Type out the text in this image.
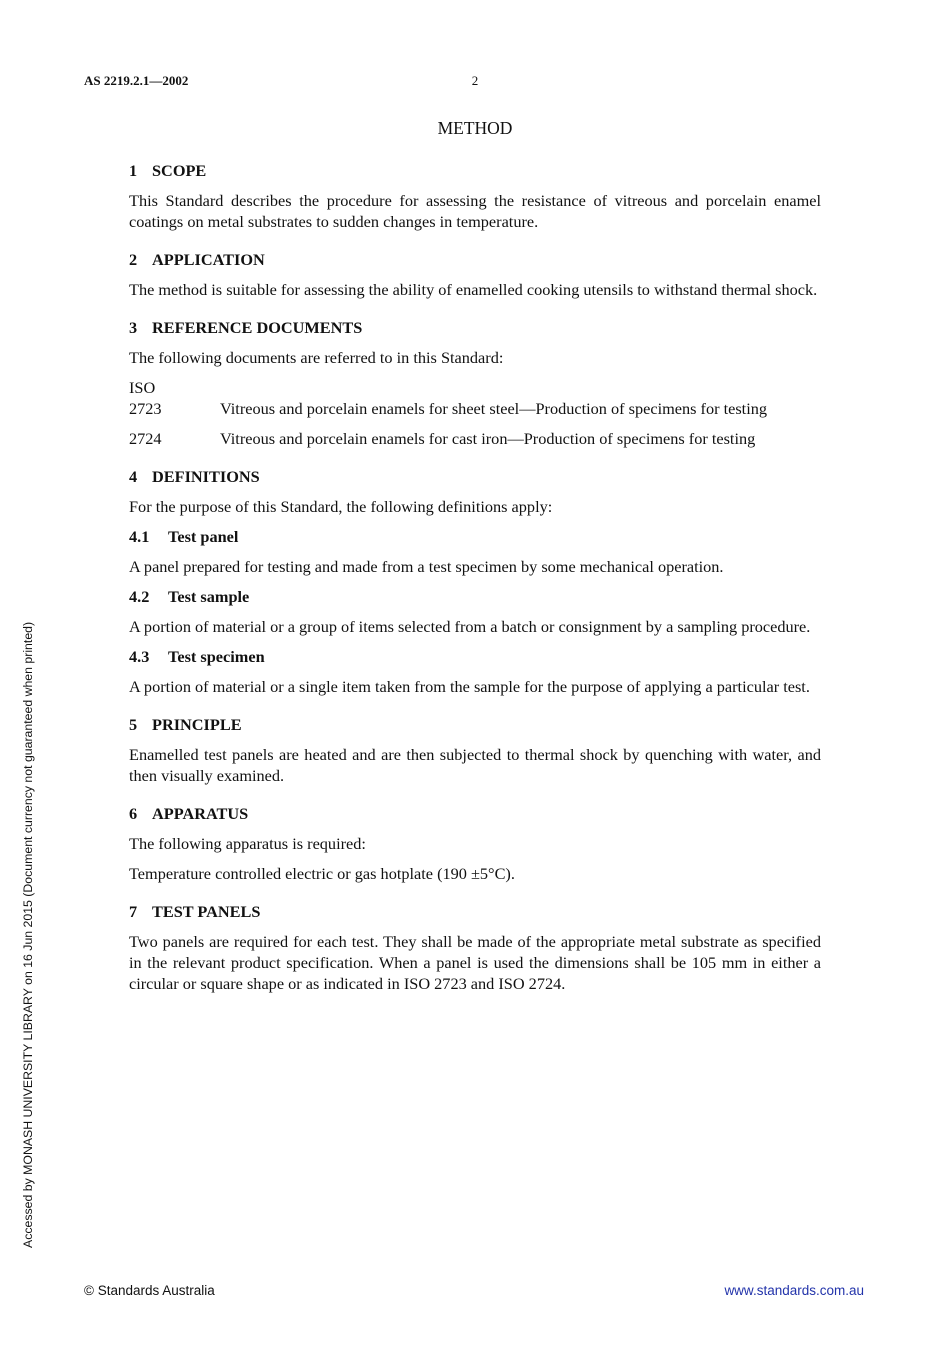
AS 2219.2.1—2002	2
METHOD
1 SCOPE

This Standard describes the procedure for assessing the resistance of vitreous and porcelain enamel coatings on metal substrates to sudden changes in temperature.

2 APPLICATION

The method is suitable for assessing the ability of enamelled cooking utensils to withstand thermal shock.

3 REFERENCE DOCUMENTS

The following documents are referred to in this Standard:

ISO
2723	Vitreous and porcelain enamels for sheet steel—Production of specimens for testing
2724	Vitreous and porcelain enamels for cast iron—Production of specimens for testing
4 DEFINITIONS

For the purpose of this Standard, the following definitions apply:

4.1 Test panel

A panel prepared for testing and made from a test specimen by some mechanical operation.

4.2 Test sample

A portion of material or a group of items selected from a batch or consignment by a sampling procedure.

4.3 Test specimen

A portion of material or a single item taken from the sample for the purpose of applying a particular test.

5 PRINCIPLE

Enamelled test panels are heated and are then subjected to thermal shock by quenching with water, and then visually examined.

6 APPARATUS

The following apparatus is required:

Temperature controlled electric or gas hotplate (190 ±5°C).

7 TEST PANELS

Two panels are required for each test. They shall be made of the appropriate metal substrate as specified in the relevant product specification. When a panel is used the dimensions shall be 105 mm in either a circular or square shape or as indicated in ISO 2723 and ISO 2724.

Accessed by MONASH UNIVERSITY LIBRARY on 16 Jun 2015 (Document currency not guaranteed when printed)
© Standards Australia	www.standards.com.au
